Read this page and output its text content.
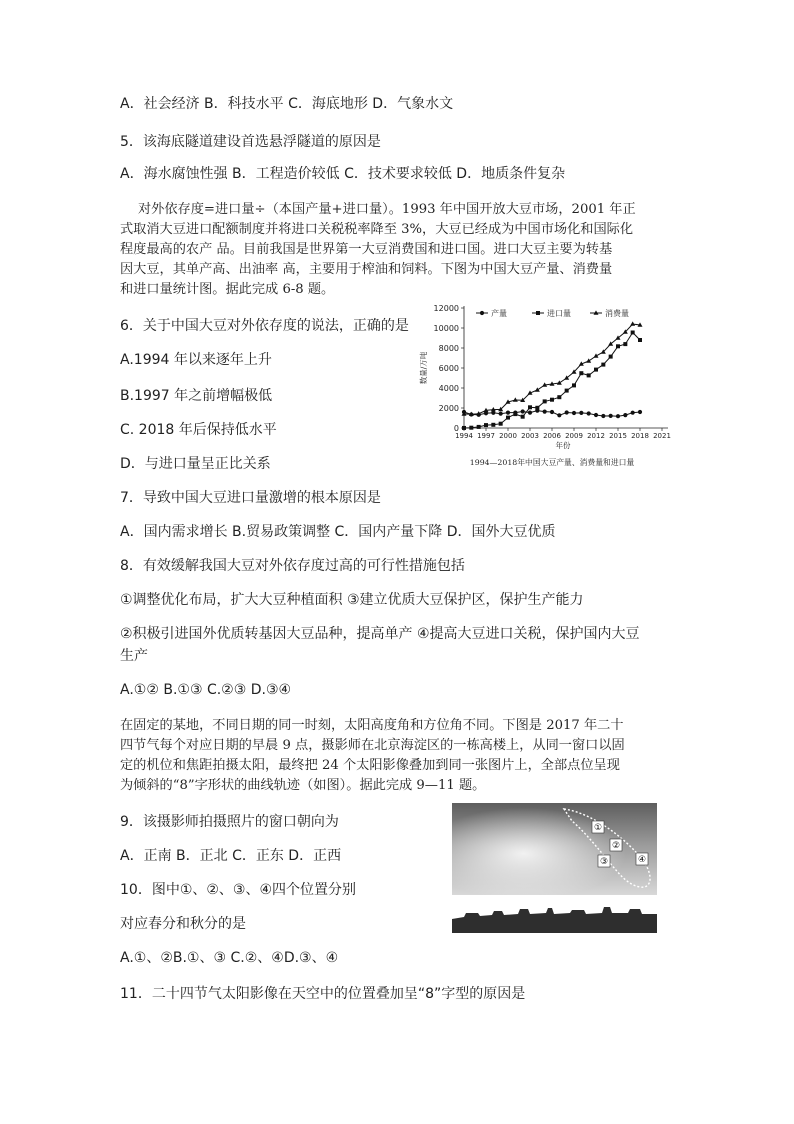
A．社会经济 B．科技水平 C．海底地形 D．气象水文
5．该海底隧道建设首选悬浮隧道的原因是
A．海水腐蚀性强 B．工程造价较低 C．技术要求较低 D．地质条件复杂
对外依存度=进口量÷（本国产量+进口量）。1993 年中国开放大豆市场，2001 年正
式取消大豆进口配额制度并将进口关税税率降至 3%，大豆已经成为中国市场化和国际化
程度最高的农产 品。目前我国是世界第一大豆消费国和进口国。进口大豆主要为转基
因大豆，其单产高、出油率 高，主要用于榨油和饲料。下图为中国大豆产量、消费量
和进口量统计图。据此完成 6-8 题。
6．关于中国大豆对外依存度的说法，正确的是
A.1994 年以来逐年上升
B.1997 年之前增幅极低
C. 2018 年后保持低水平
D．与进口量呈正比关系
0
2000
4000
6000
8000
10000
12000
1994 1997 2000 2003 2006 2009 2012 2015 2018 2021
年份
数量/万吨
1994—2018年中国大豆产量、消费量和进口量
产量	进口量	消费量
7．导致中国大豆进口量激增的根本原因是
A．国内需求增长 B.贸易政策调整 C．国内产量下降 D．国外大豆优质
8．有效缓解我国大豆对外依存度过高的可行性措施包括
①调整优化布局，扩大大豆种植面积 ③建立优质大豆保护区，保护生产能力
②积极引进国外优质转基因大豆品种，提高单产 ④提高大豆进口关税，保护国内大豆
生产
A.①② B.①③ C.②③ D.③④
在固定的某地，不同日期的同一时刻，太阳高度角和方位角不同。下图是 2017 年二十
四节气每个对应日期的早晨 9 点，摄影师在北京海淀区的一栋高楼上，从同一窗口以固
定的机位和焦距拍摄太阳，最终把 24 个太阳影像叠加到同一张图片上，全部点位呈现
为倾斜的“8”字形状的曲线轨迹（如图）。据此完成 9—11 题。
9．该摄影师拍摄照片的窗口朝向为
A．正南 B．正北 C．正东 D．正西
10．图中①、②、③、④四个位置分别
对应春分和秋分的是
A.①、②B.①、③ C.②、④D.③、④
11．二十四节气太阳影像在天空中的位置叠加呈“8”字型的原因是
①
②
③	④
